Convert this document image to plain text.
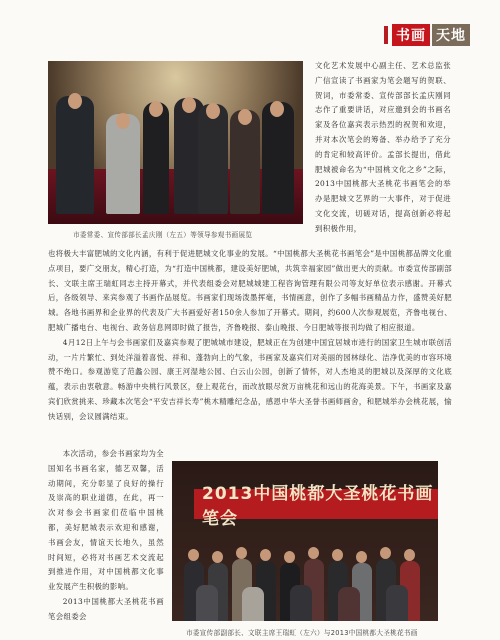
书画 天地
市委常委、宣传部部长孟庆刚（左五）等领导参观书画展览

文化艺术发展中心副主任、艺术总监张广信宣读了书画家为笔会题写的贺联、贺词，市委常委、宣传部部长孟庆刚同志作了重要讲话，对应邀到会的书画名家及各位嘉宾表示热烈的祝贺和欢迎，并对本次笔会的筹备、举办给予了充分的肯定和较高评价。孟部长提出，借此肥城被命名为“中国桃文化之乡”之际，2013中国桃都大圣桃花书画笔会的举办是肥城文艺界的一大事件，对于促进文化交流，切磋对话，提高创新必将起到积极作用，

也将极大丰富肥城的文化内涵，有利于促进肥城文化事业的发展。“中国桃都大圣桃花书画笔会”是中国桃都品牌文化重点项目，要广交朋友，精心打造，为“打造中国桃都，建设美好肥城，共筑幸福家园”做出更大的贡献。市委宣传部副部长、文联主席王瑞虹同志主持开幕式，并代表组委会对肥城城建工程咨询管理有限公司等友好单位表示感谢。开幕式后，各级领导、来宾参观了书画作品展览。书画家们现场泼墨挥毫，书情画意，创作了多幅书画精品力作，盛赞美好肥城。各地书画界和企业界的代表及广大书画爱好者150余人参加了开幕式。期间，约600人次参观展览，齐鲁电视台、肥城广播电台、电视台、政务信息网即时做了报告，齐鲁晚报、泰山晚报、今日肥城等报刊均做了相应报道。

4月12日上午与会书画家们及嘉宾参观了肥城城市建设，肥城正在为创建中国宜居城市进行的国家卫生城市联创活动，一片片繁忙、到处洋溢着喜悦、祥和、蓬勃向上的气象，书画家及嘉宾们对美丽的园林绿化、洁净优美的市容环境赞不绝口。参观游览了范蠡公园、康王河湿地公园、白云山公园，创新了情怀，对人杰地灵的肥城以及深厚的文化底蕴，表示由衷敬意。畅游中央桃行风景区，登上观花台，而改放眼尽赏万亩桃花和远山的花海美景。下午，书画家及嘉宾们欣赏挑来、珍藏本次笔会“平安吉祥长寿”桃木精雕纪念品，感恩中华大圣誉书画师画舍，和肥城举办会桃花展，愉快话别，会议圆满结束。

本次活动，参会书画家均为全国知名书画名家，德艺双馨，活动期间，充分彰显了良好的操行及崇高的职业道德，在此，再一次对参会书画家们莅临中国桃都，美好肥城表示欢迎和感谢，书画会友，情谊天长地久，虽然时间短，必将对书画艺术交流起到推进作用，对中国桃都文化事业发展产生积极的影响。

2013中国桃都大圣桃花书画笔会组委会

2013中国桃都大圣桃花书画笔会
市委宣传部副部长、文联主席王瑞虹（左六）与2013中国桃都大圣桃花书画
